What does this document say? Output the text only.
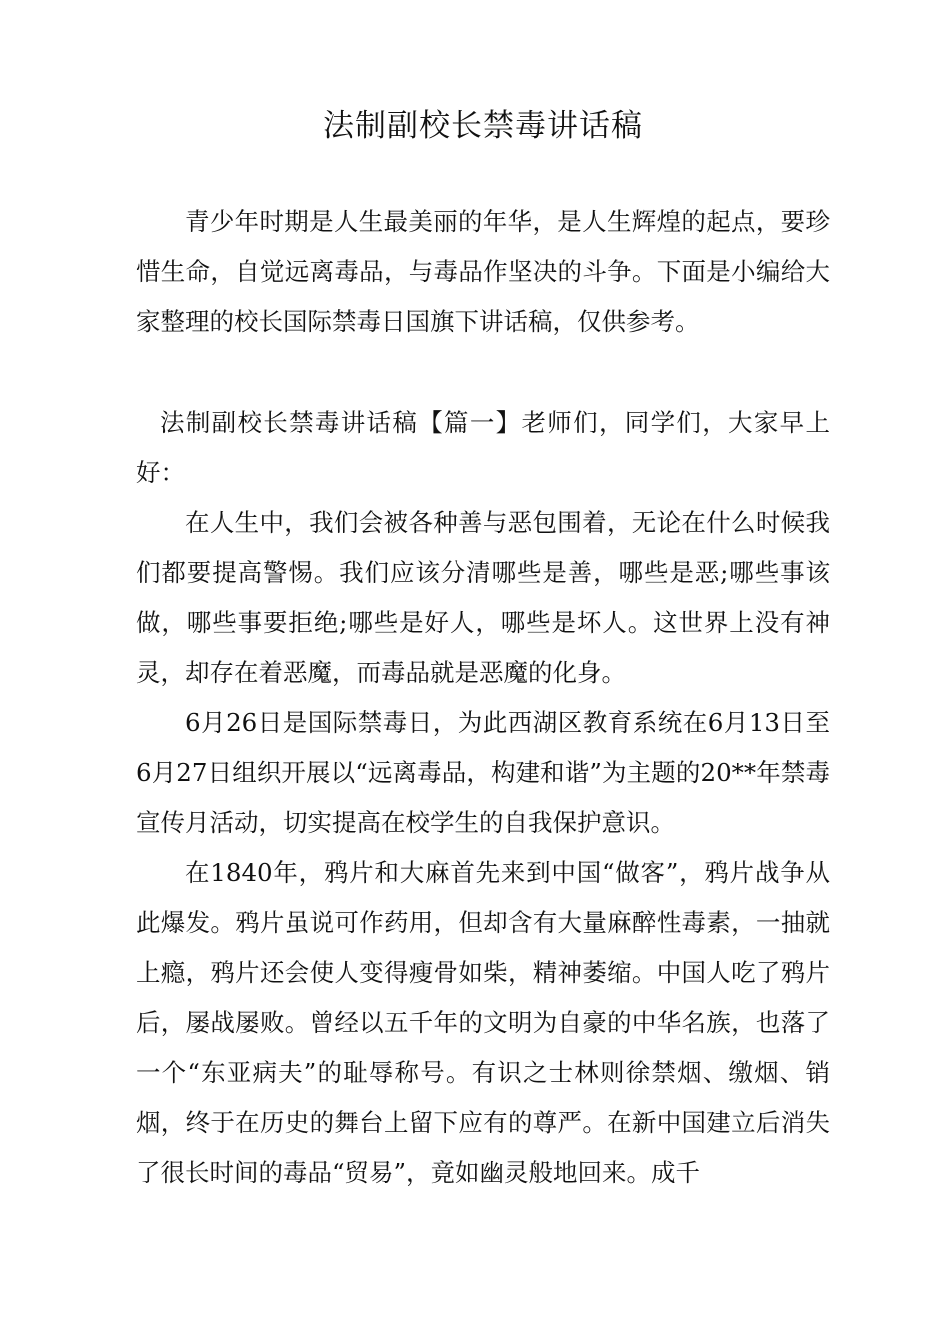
法制副校长禁毒讲话稿

青少年时期是人生最美丽的年华，是人生辉煌的起点，要珍惜生命，自觉远离毒品，与毒品作坚决的斗争。下面是小编给大家整理的校长国际禁毒日国旗下讲话稿，仅供参考。

法制副校长禁毒讲话稿【篇一】老师们，同学们，大家早上好：

在人生中，我们会被各种善与恶包围着，无论在什么时候我们都要提高警惕。我们应该分清哪些是善，哪些是恶;哪些事该做，哪些事要拒绝;哪些是好人，哪些是坏人。这世界上没有神灵，却存在着恶魔，而毒品就是恶魔的化身。

6月26日是国际禁毒日，为此西湖区教育系统在6月13日至6月27日组织开展以“远离毒品，构建和谐”为主题的20**年禁毒宣传月活动，切实提高在校学生的自我保护意识。

在1840年，鸦片和大麻首先来到中国“做客”，鸦片战争从此爆发。鸦片虽说可作药用，但却含有大量麻醉性毒素，一抽就上瘾，鸦片还会使人变得瘦骨如柴，精神萎缩。中国人吃了鸦片后，屡战屡败。曾经以五千年的文明为自豪的中华名族，也落了一个“东亚病夫”的耻辱称号。有识之士林则徐禁烟、缴烟、销烟，终于在历史的舞台上留下应有的尊严。在新中国建立后消失了很长时间的毒品“贸易”，竟如幽灵般地回来。成千
